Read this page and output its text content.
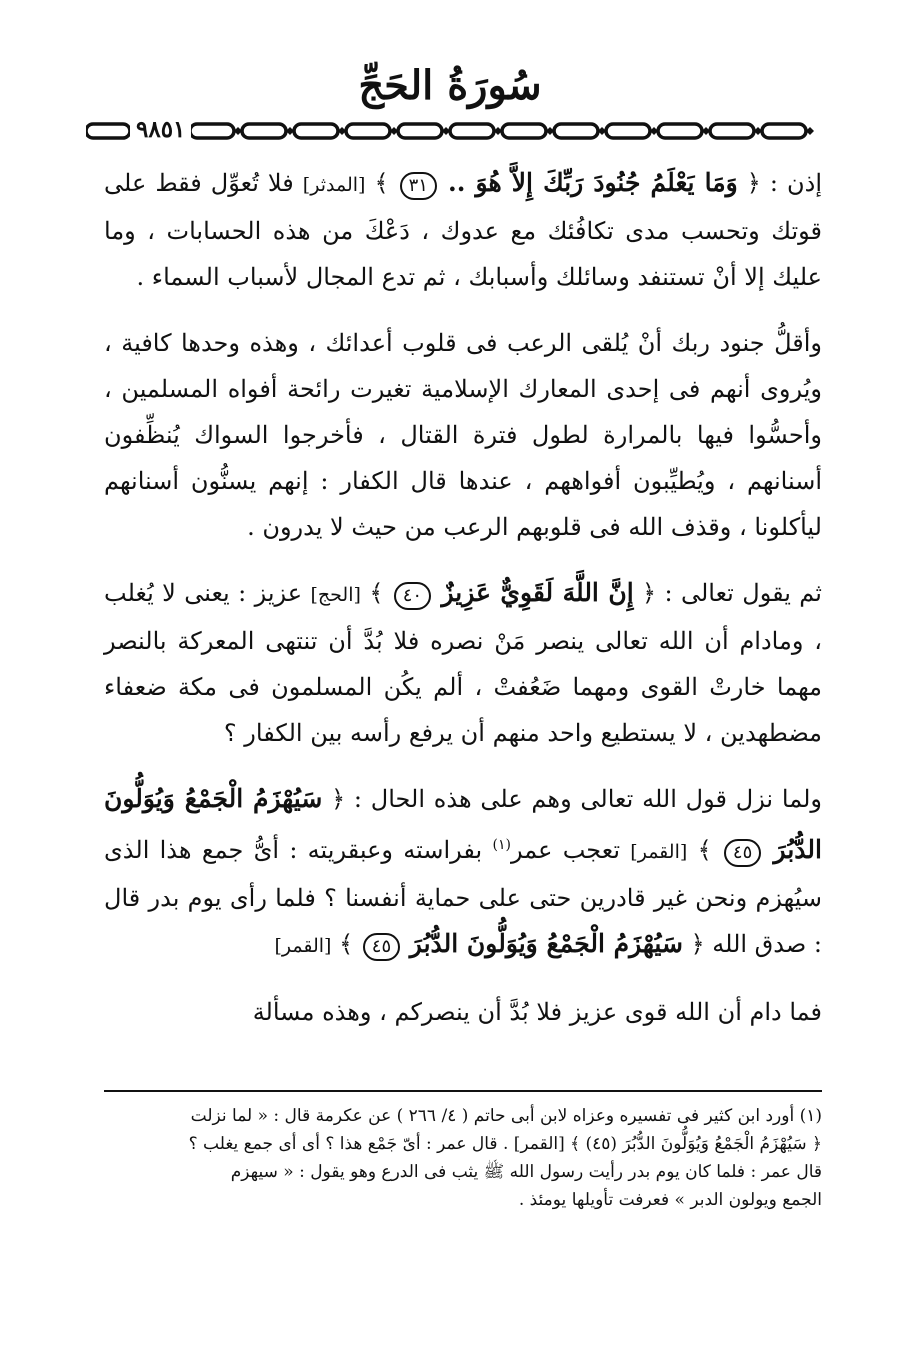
سُورَةُ الحَجِّ
٩٨٥١

إذن : ﴿ وَمَا يَعْلَمُ جُنُودَ رَبِّكَ إِلاَّ هُوَ .. ٣١ ﴾ [المدثر] فلا تُعوِّل فقط على قوتك وتحسب مدى تكافُئك مع عدوك ، دَعْكَ من هذه الحسابات ، وما عليك إلا أنْ تستنفد وسائلك وأسبابك ، ثم تدع المجال لأسباب السماء .

وأقلُّ جنود ربك أنْ يُلقى الرعب فى قلوب أعدائك ، وهذه وحدها كافية ، ويُروى أنهم فى إحدى المعارك الإسلامية تغيرت رائحة أفواه المسلمين ، وأحسُّوا فيها بالمرارة لطول فترة القتال ، فأخرجوا السواك يُنظِّفون أسنانهم ، ويُطيِّبون أفواههم ، عندها قال الكفار : إنهم يسنُّون أسنانهم ليأكلونا ، وقذف الله فى قلوبهم الرعب من حيث لا يدرون .

ثم يقول تعالى : ﴿ إِنَّ اللَّهَ لَقَوِيٌّ عَزِيزٌ ٤٠ ﴾ [الحج] عزيز : يعنى لا يُغلب ، ومادام أن الله تعالى ينصر مَنْ نصره فلا بُدَّ أن تنتهى المعركة بالنصر مهما خارتْ القوى ومهما ضَعُفتْ ، ألم يكُن المسلمون فى مكة ضعفاء مضطهدين ، لا يستطيع واحد منهم أن يرفع رأسه بين الكفار ؟

ولما نزل قول الله تعالى وهم على هذه الحال : ﴿ سَيُهْزَمُ الْجَمْعُ وَيُوَلُّونَ الدُّبُرَ ٤٥ ﴾ [القمر] تعجب عمر$^{(١)}$ بفراسته وعبقريته : أىُّ جمع هذا الذى سيُهزم ونحن غير قادرين حتى على حماية أنفسنا ؟ فلما رأى يوم بدر قال : صدق الله ﴿ سَيُهْزَمُ الْجَمْعُ وَيُوَلُّونَ الدُّبُرَ ٤٥ ﴾ [القمر]

فما دام أن الله قوى عزيز فلا بُدَّ أن ينصركم ، وهذه مسألة

(١) أورد ابن كثير فى تفسيره وعزاه لابن أبى حاتم ( ٤/ ٢٦٦ ) عن عكرمة قال : « لما نزلت

﴿ سَيُهْزَمُ الْجَمْعُ وَيُوَلُّونَ الدُّبُرَ (٤٥) ﴾ [القمر] . قال عمر : أىّ جَمْع هذا ؟ أى أى جمع يغلب ؟

قال عمر : فلما كان يوم بدر رأيت رسول الله ﷺ يثب فى الدرع وهو يقول : « سيهزم

الجمع ويولون الدبر » فعرفت تأويلها يومئذ .
